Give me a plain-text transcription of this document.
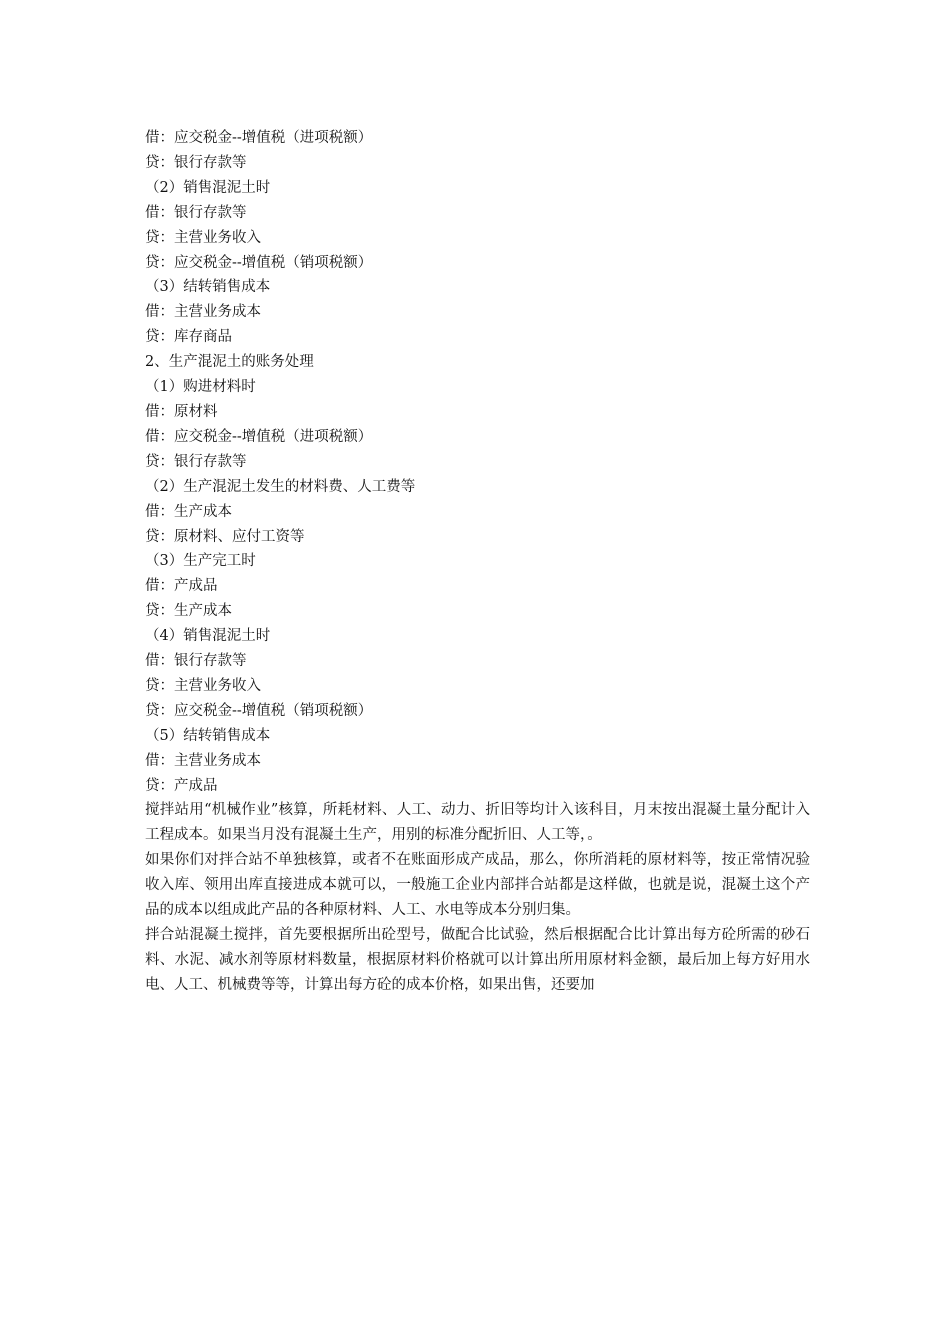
借：应交税金--增值税（进项税额）
贷：银行存款等
（2）销售混泥土时
借：银行存款等
贷：主营业务收入
贷：应交税金--增值税（销项税额）
（3）结转销售成本
借：主营业务成本
贷：库存商品
2、生产混泥土的账务处理
（1）购进材料时
借：原材料
借：应交税金--增值税（进项税额）
贷：银行存款等
（2）生产混泥土发生的材料费、人工费等
借：生产成本
贷：原材料、应付工资等
（3）生产完工时
借：产成品
贷：生产成本
（4）销售混泥土时
借：银行存款等
贷：主营业务收入
贷：应交税金--增值税（销项税额）
（5）结转销售成本
借：主营业务成本
贷：产成品
搅拌站用“机械作业”核算，所耗材料、人工、动力、折旧等均计入该科目，月末按出混凝土量分配计入工程成本。如果当月没有混凝土生产，用别的标准分配折旧、人工等，。
如果你们对拌合站不单独核算，或者不在账面形成产成品，那么，你所消耗的原材料等，按正常情况验收入库、领用出库直接进成本就可以，一般施工企业内部拌合站都是这样做，也就是说，混凝土这个产品的成本以组成此产品的各种原材料、人工、水电等成本分别归集。
拌合站混凝土搅拌，首先要根据所出砼型号，做配合比试验，然后根据配合比计算出每方砼所需的砂石料、水泥、减水剂等原材料数量，根据原材料价格就可以计算出所用原材料金额，最后加上每方好用水电、人工、机械费等等，计算出每方砼的成本价格，如果出售，还要加
